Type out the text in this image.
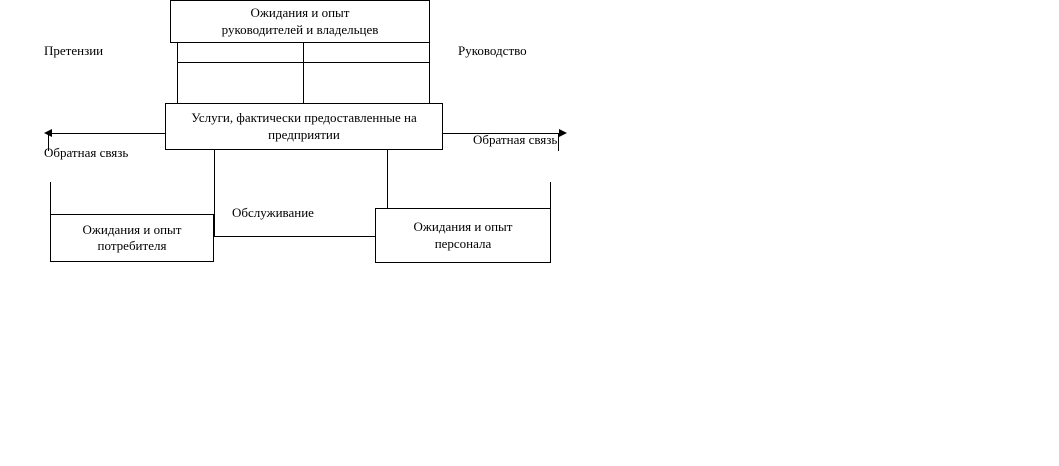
Ожидания и опыт
руководителей и владельцев
Услуги, фактически предоставленные на
предприятии
Ожидания и опыт
потребителя
Ожидания и опыт
персонала
Претензии	Руководство
Обратная связь
Обратная связь
Обслуживание
